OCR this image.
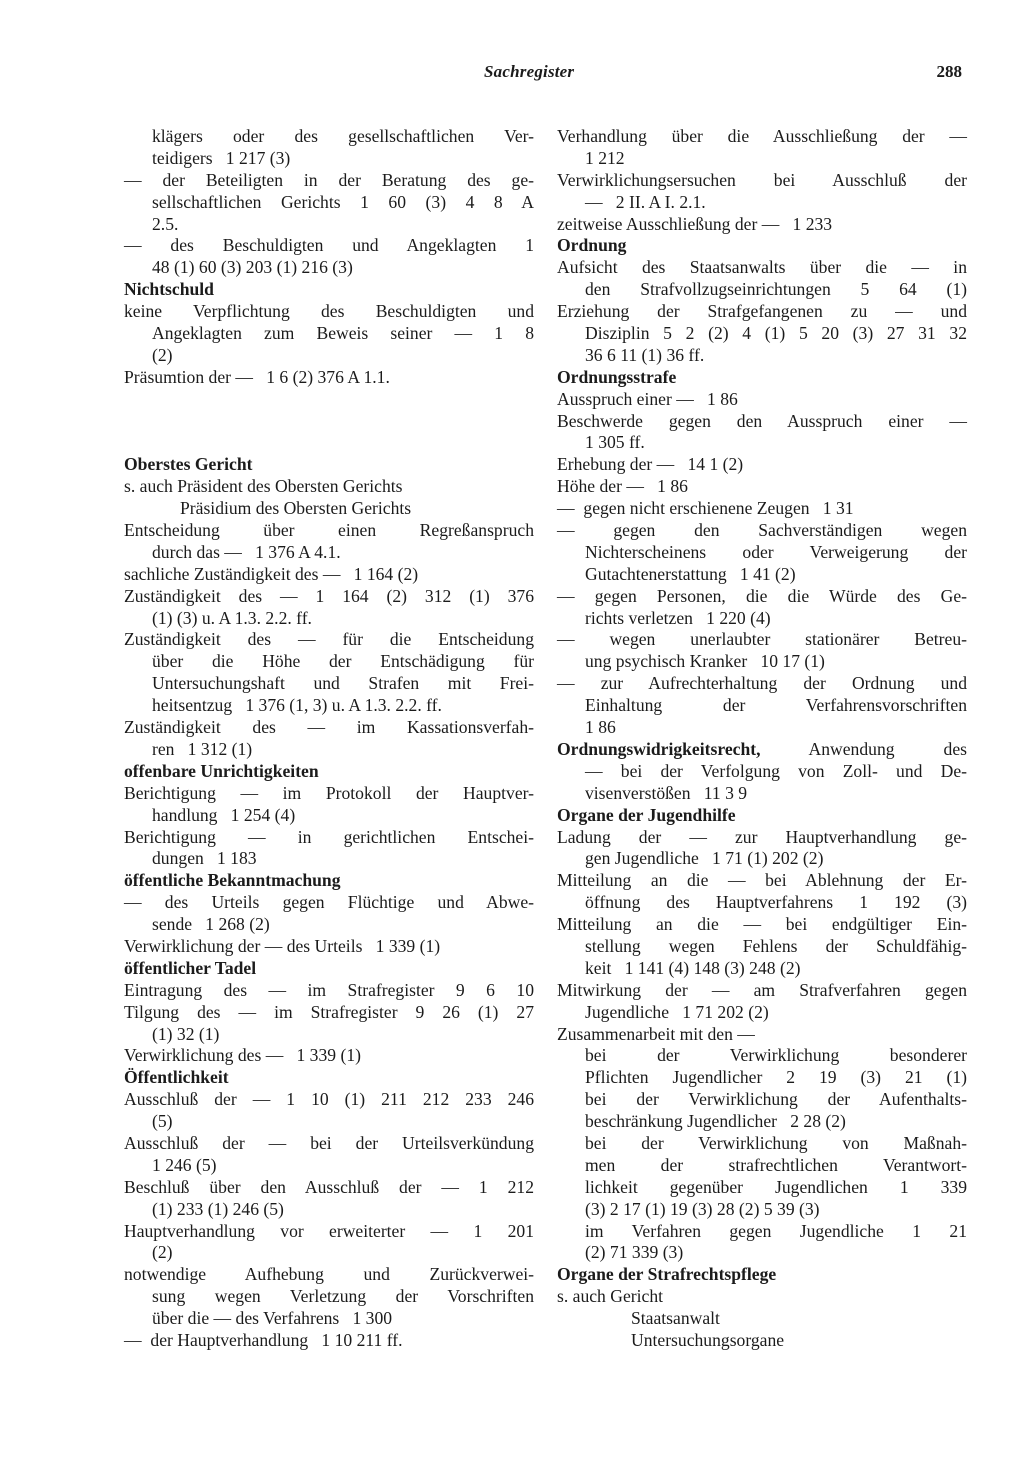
Sachregister	288
klägers oder des gesellschaftlichen Ver-
teidigers   1 217 (3)
— der Beteiligten in der Beratung des ge-
sellschaftlichen Gerichts 1 60 (3) 4 8 A
2.5.
— des Beschuldigten und Angeklagten 1
48 (1) 60 (3) 203 (1) 216 (3)
Nichtschuld
keine Verpflichtung des Beschuldigten und
Angeklagten zum Beweis seiner — 1 8
(2)
Präsumtion der —   1 6 (2) 376 A 1.1.
Oberstes Gericht
s. auch Präsident des Obersten Gerichts
Präsidium des Obersten Gerichts
Entscheidung über einen Regreßanspruch
durch das —   1 376 A 4.1.
sachliche Zuständigkeit des —   1 164 (2)
Zuständigkeit des — 1 164 (2) 312 (1) 376
(1) (3) u. A 1.3. 2.2. ff.
Zuständigkeit des — für die Entscheidung
über die Höhe der Entschädigung für
Untersuchungshaft und Strafen mit Frei-
heitsentzug   1 376 (1, 3) u. A 1.3. 2.2. ff.
Zuständigkeit des — im Kassationsverfah-
ren   1 312 (1)
offenbare Unrichtigkeiten
Berichtigung — im Protokoll der Hauptver-
handlung   1 254 (4)
Berichtigung — in gerichtlichen Entschei-
dungen   1 183
öffentliche Bekanntmachung
— des Urteils gegen Flüchtige und Abwe-
sende   1 268 (2)
Verwirklichung der — des Urteils   1 339 (1)
öffentlicher Tadel
Eintragung des — im Strafregister 9 6 10
Tilgung des — im Strafregister 9 26 (1) 27
(1) 32 (1)
Verwirklichung des —   1 339 (1)
Öffentlichkeit
Ausschluß der — 1 10 (1) 211 212 233 246
(5)
Ausschluß der — bei der Urteilsverkündung
1 246 (5)
Beschluß über den Ausschluß der — 1 212
(1) 233 (1) 246 (5)
Hauptverhandlung vor erweiterter — 1 201
(2)
notwendige Aufhebung und Zurückverwei-
sung wegen Verletzung der Vorschriften
über die — des Verfahrens   1 300
—  der Hauptverhandlung   1 10 211 ff.
Verhandlung über die Ausschließung der —
1 212
Verwirklichungsersuchen bei Ausschluß der
—   2 II. A I. 2.1.
zeitweise Ausschließung der —   1 233
Ordnung
Aufsicht des Staatsanwalts über die — in
den Strafvollzugseinrichtungen 5 64 (1)
Erziehung der Strafgefangenen zu — und
Disziplin 5 2 (2) 4 (1) 5 20 (3) 27 31 32
36 6 11 (1) 36 ff.
Ordnungsstrafe
Ausspruch einer —   1 86
Beschwerde gegen den Ausspruch einer —
1 305 ff.
Erhebung der —   14 1 (2)
Höhe der —   1 86
—  gegen nicht erschienene Zeugen   1 31
— gegen den Sachverständigen wegen
Nichterscheinens oder Verweigerung der
Gutachtenerstattung   1 41 (2)
— gegen Personen, die die Würde des Ge-
richts verletzen   1 220 (4)
— wegen unerlaubter stationärer Betreu-
ung psychisch Kranker   10 17 (1)
— zur Aufrechterhaltung der Ordnung und
Einhaltung der Verfahrensvorschriften
1 86
Ordnungswidrigkeitsrecht, Anwendung des
— bei der Verfolgung von Zoll- und De-
visenverstößen   11 3 9
Organe der Jugendhilfe
Ladung der — zur Hauptverhandlung ge-
gen Jugendliche   1 71 (1) 202 (2)
Mitteilung an die — bei Ablehnung der Er-
öffnung des Hauptverfahrens 1 192 (3)
Mitteilung an die — bei endgültiger Ein-
stellung wegen Fehlens der Schuldfähig-
keit   1 141 (4) 148 (3) 248 (2)
Mitwirkung der — am Strafverfahren gegen
Jugendliche   1 71 202 (2)
Zusammenarbeit mit den —
bei der Verwirklichung besonderer
Pflichten Jugendlicher 2 19 (3) 21 (1)
bei der Verwirklichung der Aufenthalts-
beschränkung Jugendlicher   2 28 (2)
bei der Verwirklichung von Maßnah-
men der strafrechtlichen Verantwort-
lichkeit gegenüber Jugendlichen 1 339
(3) 2 17 (1) 19 (3) 28 (2) 5 39 (3)
im Verfahren gegen Jugendliche 1 21
(2) 71 339 (3)
Organe der Strafrechtspflege
s. auch Gericht
Staatsanwalt
Untersuchungsorgane
